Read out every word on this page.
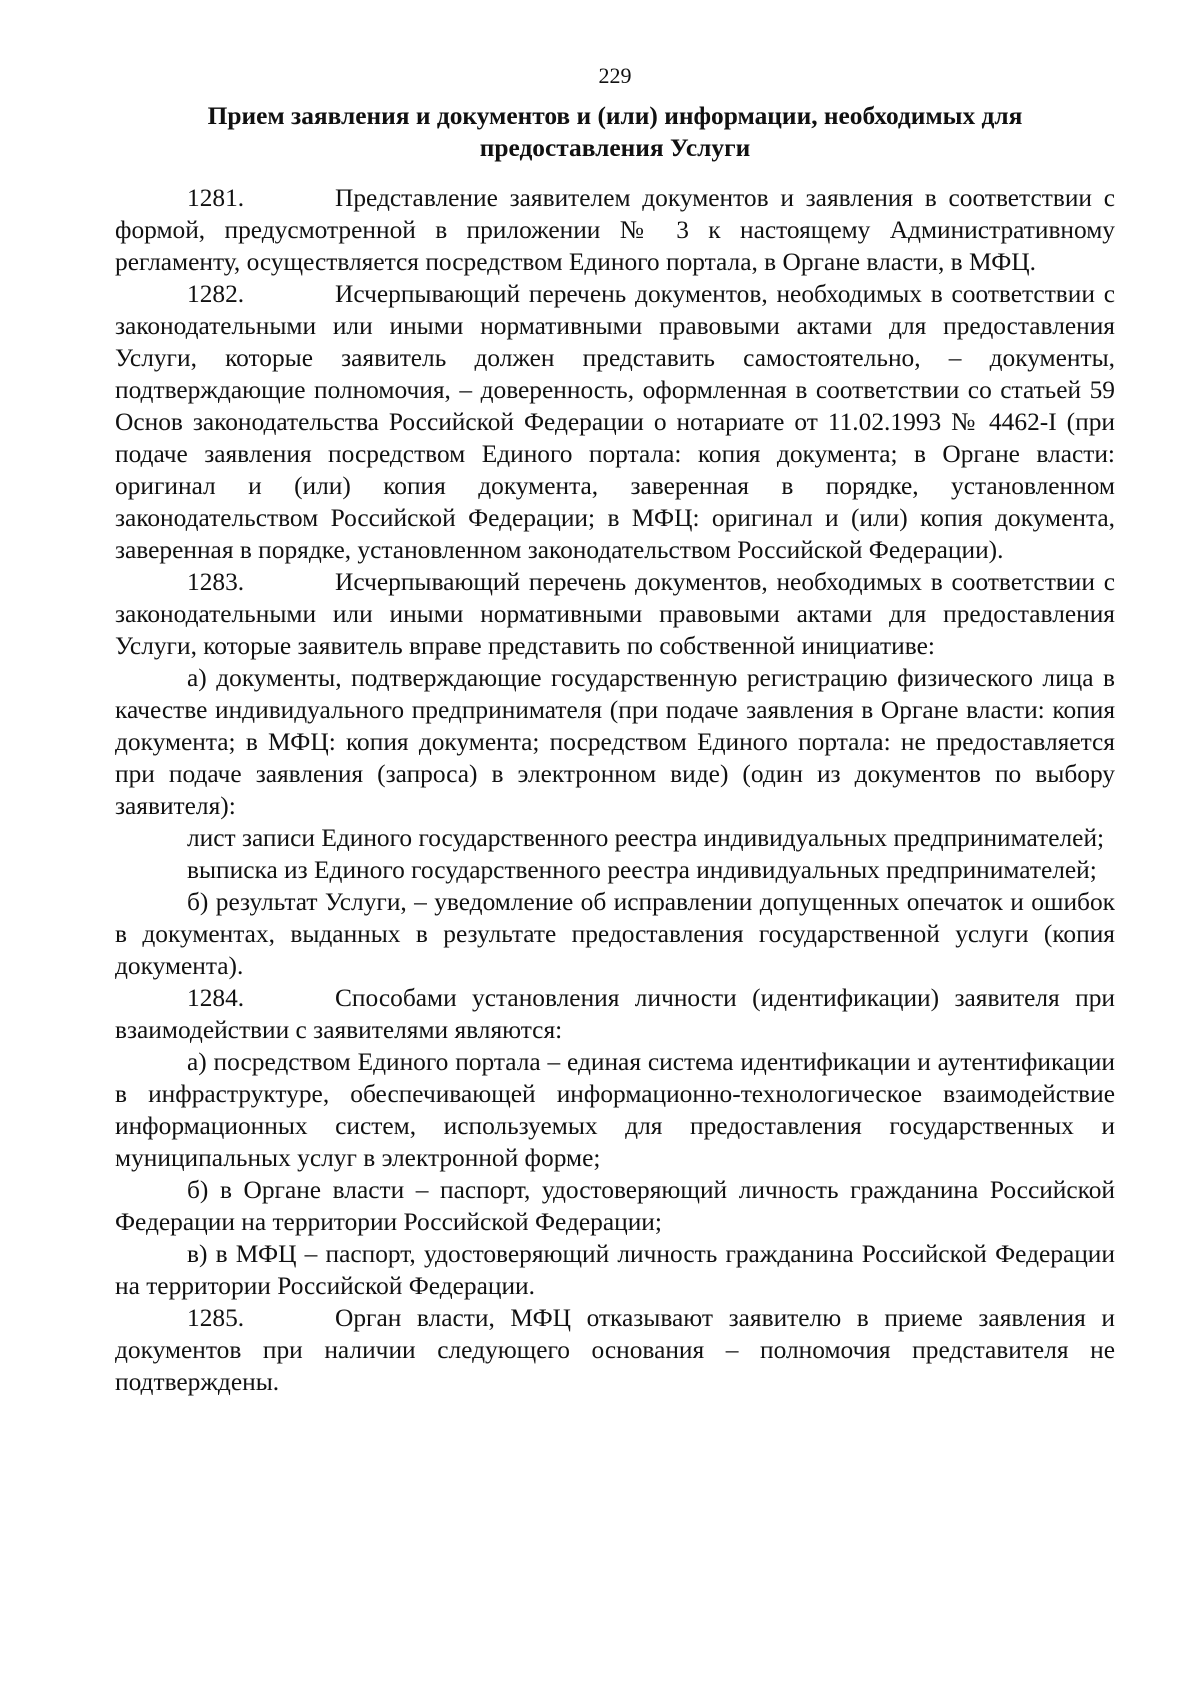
229
Прием заявления и документов и (или) информации, необходимых для
предоставления Услуги

1281.	Представление заявителем документов и заявления в соответствии с формой, предусмотренной в приложении № 3 к настоящему Административному регламенту, осуществляется посредством Единого портала, в Органе власти, в МФЦ.

1282.	Исчерпывающий перечень документов, необходимых в соответствии с законодательными или иными нормативными правовыми актами для предоставления Услуги, которые заявитель должен представить самостоятельно, – документы, подтверждающие полномочия, – доверенность, оформленная в соответствии со статьей 59 Основ законодательства Российской Федерации о нотариате от 11.02.1993 № 4462-I (при подаче заявления посредством Единого портала: копия документа; в Органе власти: оригинал и (или) копия документа, заверенная в порядке, установленном законодательством Российской Федерации; в МФЦ: оригинал и (или) копия документа, заверенная в порядке, установленном законодательством Российской Федерации).

1283.	Исчерпывающий перечень документов, необходимых в соответствии с законодательными или иными нормативными правовыми актами для предоставления Услуги, которые заявитель вправе представить по собственной инициативе:

а) документы, подтверждающие государственную регистрацию физического лица в качестве индивидуального предпринимателя (при подаче заявления в Органе власти: копия документа; в МФЦ: копия документа; посредством Единого портала: не предоставляется при подаче заявления (запроса) в электронном виде) (один из документов по выбору заявителя):

лист записи Единого государственного реестра индивидуальных предпринимателей;

выписка из Единого государственного реестра индивидуальных предпринимателей;

б) результат Услуги, – уведомление об исправлении допущенных опечаток и ошибок в документах, выданных в результате предоставления государственной услуги (копия документа).

1284.	Способами установления личности (идентификации) заявителя при взаимодействии с заявителями являются:

а) посредством Единого портала – единая система идентификации и аутентификации в инфраструктуре, обеспечивающей информационно-технологическое взаимодействие информационных систем, используемых для предоставления государственных и муниципальных услуг в электронной форме;

б) в Органе власти – паспорт, удостоверяющий личность гражданина Российской Федерации на территории Российской Федерации;

в) в МФЦ – паспорт, удостоверяющий личность гражданина Российской Федерации на территории Российской Федерации.

1285.	Орган власти, МФЦ отказывают заявителю в приеме заявления и документов при наличии следующего основания – полномочия представителя не подтверждены.
